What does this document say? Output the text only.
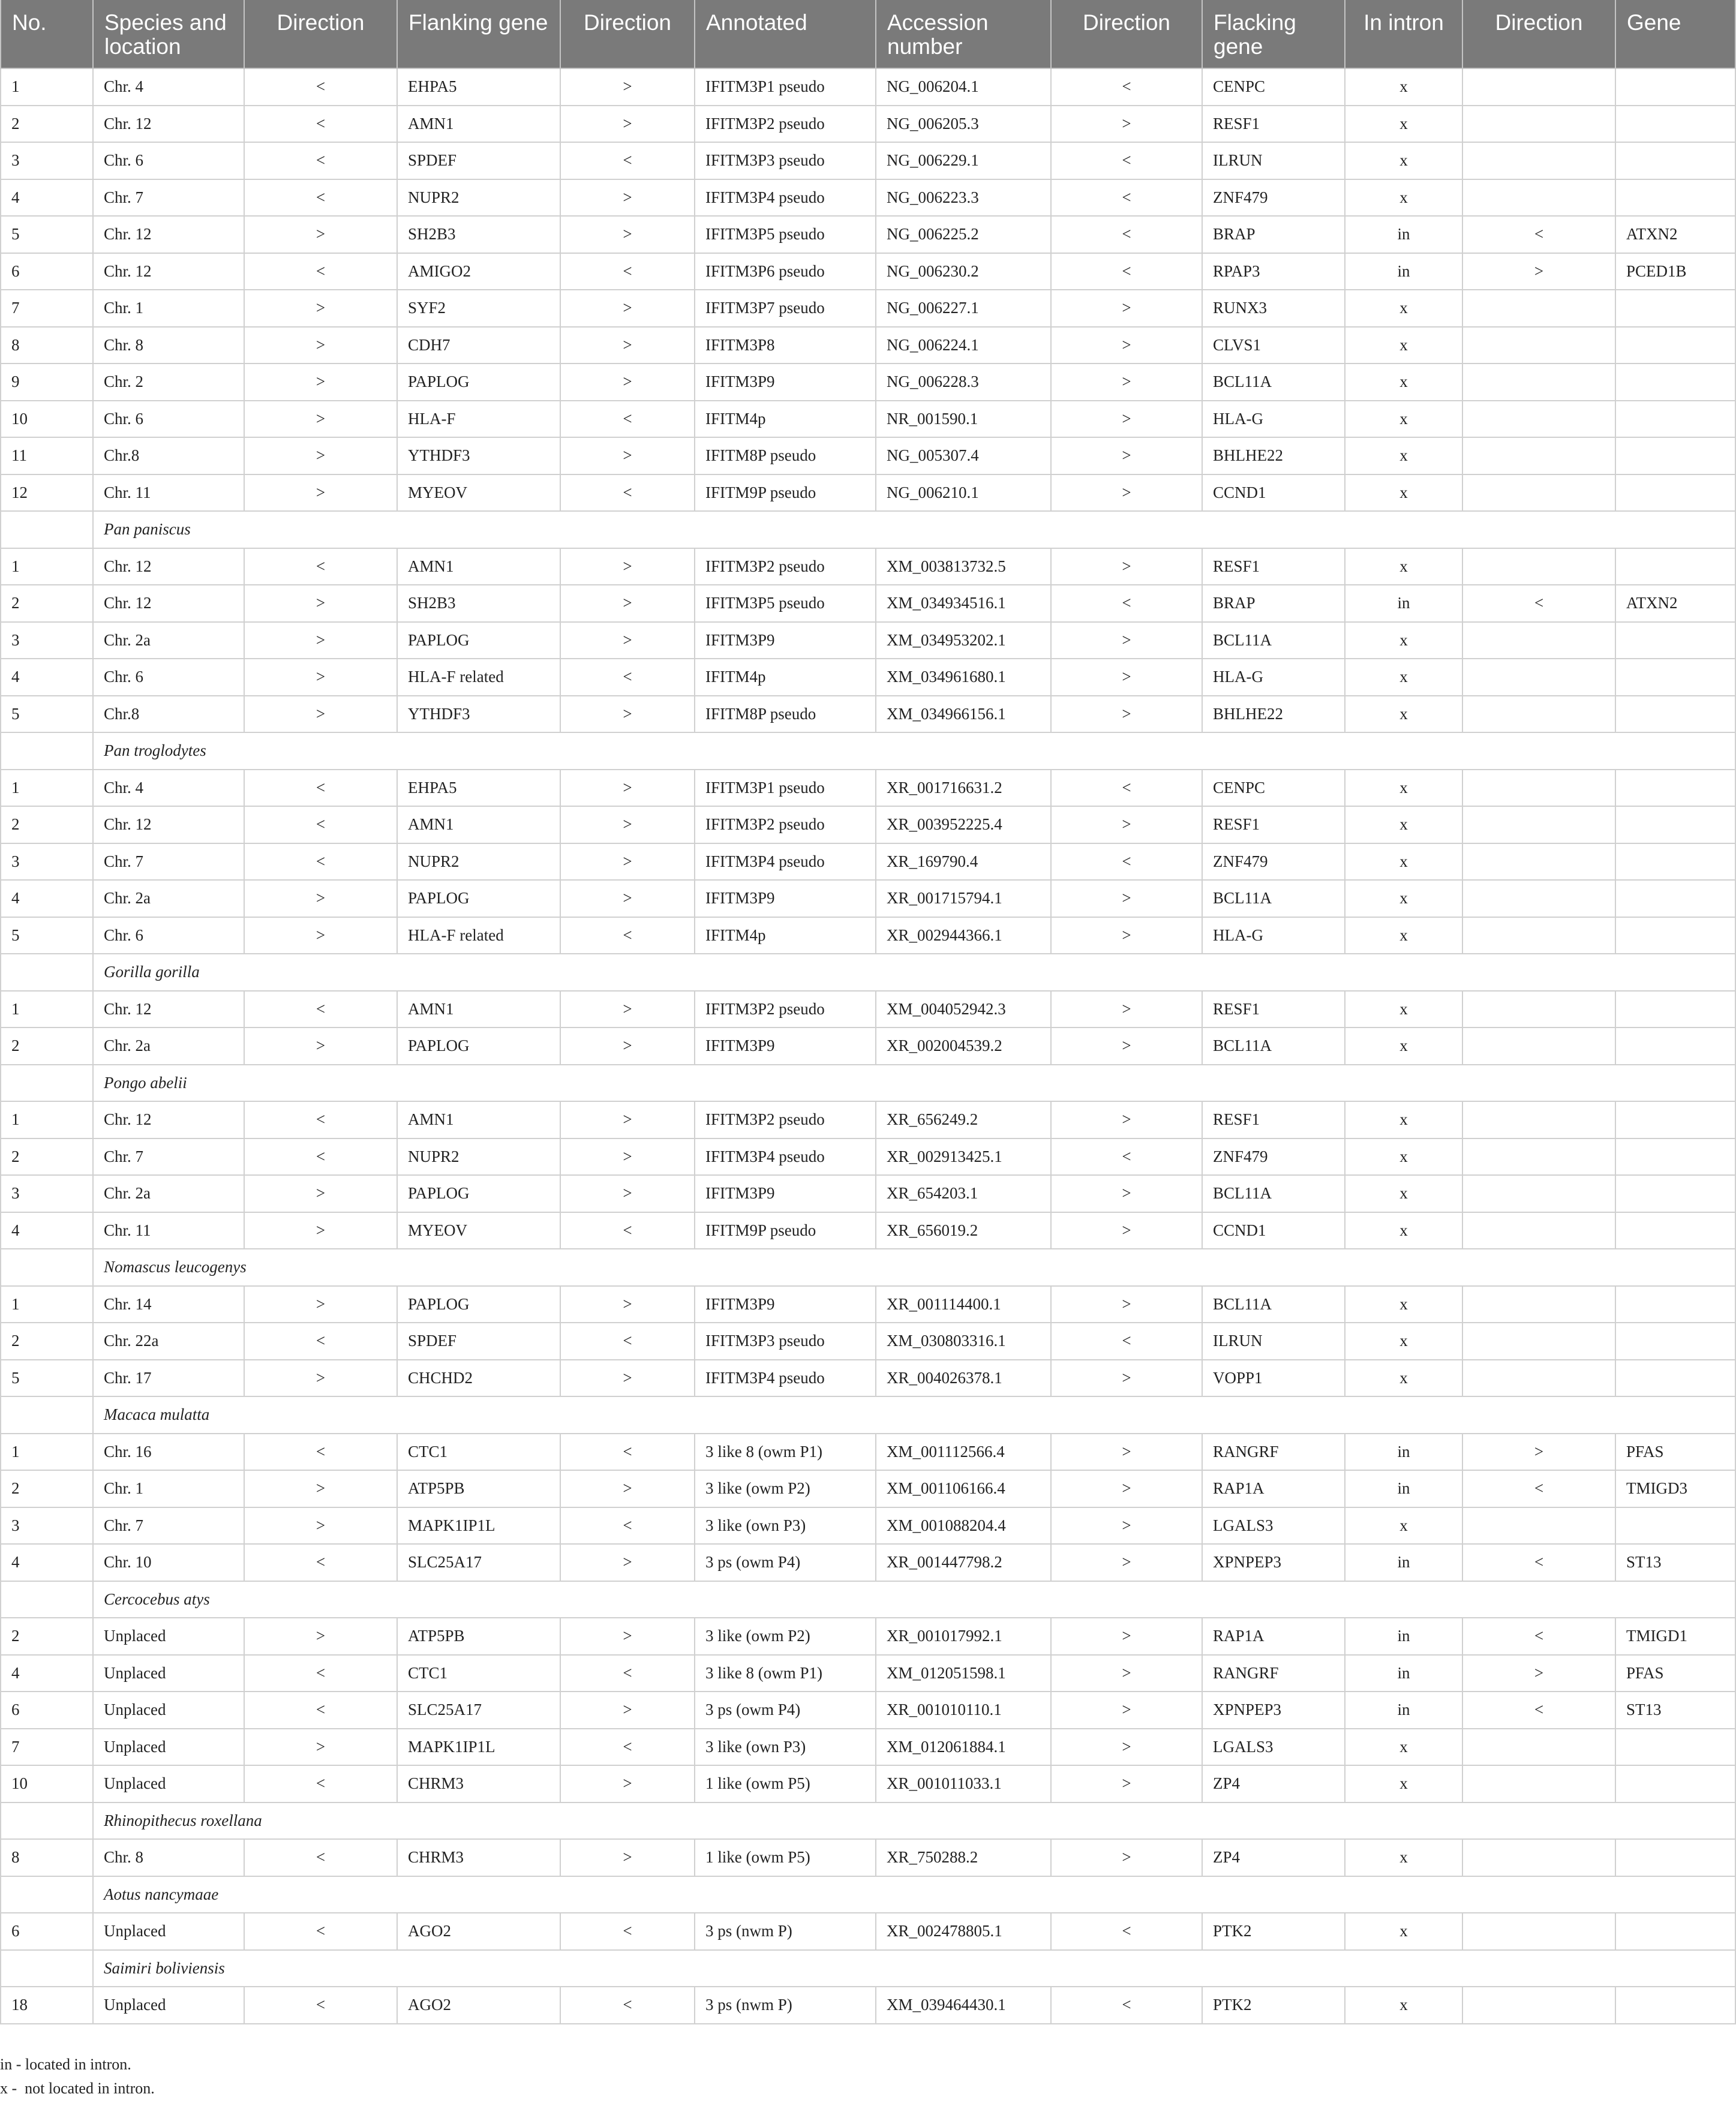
No.	Species and location	Direction	Flanking gene	Direction	Annotated	Accession number	Direction	Flacking gene	In intron	Direction	Gene
1	Chr. 4	<	EHPA5	>	IFITM3P1 pseudo	NG_006204.1	<	CENPC	x		
2	Chr. 12	<	AMN1	>	IFITM3P2 pseudo	NG_006205.3	>	RESF1	x		
3	Chr. 6	<	SPDEF	<	IFITM3P3 pseudo	NG_006229.1	<	ILRUN	x		
4	Chr. 7	<	NUPR2	>	IFITM3P4 pseudo	NG_006223.3	<	ZNF479	x		
5	Chr. 12	>	SH2B3	>	IFITM3P5 pseudo	NG_006225.2	<	BRAP	in	<	ATXN2
6	Chr. 12	<	AMIGO2	<	IFITM3P6 pseudo	NG_006230.2	<	RPAP3	in	>	PCED1B
7	Chr. 1	>	SYF2	>	IFITM3P7 pseudo	NG_006227.1	>	RUNX3	x		
8	Chr. 8	>	CDH7	>	IFITM3P8	NG_006224.1	>	CLVS1	x		
9	Chr. 2	>	PAPLOG	>	IFITM3P9	NG_006228.3	>	BCL11A	x		
10	Chr. 6	>	HLA-F	<	IFITM4p	NR_001590.1	>	HLA-G	x		
11	Chr.8	>	YTHDF3	>	IFITM8P pseudo	NG_005307.4	>	BHLHE22	x		
12	Chr. 11	>	MYEOV	<	IFITM9P pseudo	NG_006210.1	>	CCND1	x		
	Pan paniscus										
1	Chr. 12	<	AMN1	>	IFITM3P2 pseudo	XM_003813732.5	>	RESF1	x		
2	Chr. 12	>	SH2B3	>	IFITM3P5 pseudo	XM_034934516.1	<	BRAP	in	<	ATXN2
3	Chr. 2a	>	PAPLOG	>	IFITM3P9	XM_034953202.1	>	BCL11A	x		
4	Chr. 6	>	HLA-F related	<	IFITM4p	XM_034961680.1	>	HLA-G	x		
5	Chr.8	>	YTHDF3	>	IFITM8P pseudo	XM_034966156.1	>	BHLHE22	x		
	Pan troglodytes										
1	Chr. 4	<	EHPA5	>	IFITM3P1 pseudo	XR_001716631.2	<	CENPC	x		
2	Chr. 12	<	AMN1	>	IFITM3P2 pseudo	XR_003952225.4	>	RESF1	x		
3	Chr. 7	<	NUPR2	>	IFITM3P4 pseudo	XR_169790.4	<	ZNF479	x		
4	Chr. 2a	>	PAPLOG	>	IFITM3P9	XR_001715794.1	>	BCL11A	x		
5	Chr. 6	>	HLA-F related	<	IFITM4p	XR_002944366.1	>	HLA-G	x		
	Gorilla gorilla										
1	Chr. 12	<	AMN1	>	IFITM3P2 pseudo	XM_004052942.3	>	RESF1	x		
2	Chr. 2a	>	PAPLOG	>	IFITM3P9	XR_002004539.2	>	BCL11A	x		
	Pongo abelii										
1	Chr. 12	<	AMN1	>	IFITM3P2 pseudo	XR_656249.2	>	RESF1	x		
2	Chr. 7	<	NUPR2	>	IFITM3P4 pseudo	XR_002913425.1	<	ZNF479	x		
3	Chr. 2a	>	PAPLOG	>	IFITM3P9	XR_654203.1	>	BCL11A	x		
4	Chr. 11	>	MYEOV	<	IFITM9P pseudo	XR_656019.2	>	CCND1	x		
	Nomascus leucogenys										
1	Chr. 14	>	PAPLOG	>	IFITM3P9	XR_001114400.1	>	BCL11A	x		
2	Chr. 22a	<	SPDEF	<	IFITM3P3 pseudo	XM_030803316.1	<	ILRUN	x		
5	Chr. 17	>	CHCHD2	>	IFITM3P4 pseudo	XR_004026378.1	>	VOPP1	x		
	Macaca mulatta										
1	Chr. 16	<	CTC1	<	3 like 8 (owm P1)	XM_001112566.4	>	RANGRF	in	>	PFAS
2	Chr. 1	>	ATP5PB	>	3 like (owm P2)	XM_001106166.4	>	RAP1A	in	<	TMIGD3
3	Chr. 7	>	MAPK1IP1L	<	3 like (own P3)	XM_001088204.4	>	LGALS3	x		
4	Chr. 10	<	SLC25A17	>	3 ps (owm P4)	XR_001447798.2	>	XPNPEP3	in	<	ST13
	Cercocebus atys										
2	Unplaced	>	ATP5PB	>	3 like (owm P2)	XR_001017992.1	>	RAP1A	in	<	TMIGD1
4	Unplaced	<	CTC1	<	3 like 8 (owm P1)	XM_012051598.1	>	RANGRF	in	>	PFAS
6	Unplaced	<	SLC25A17	>	3 ps (owm P4)	XR_001010110.1	>	XPNPEP3	in	<	ST13
7	Unplaced	>	MAPK1IP1L	<	3 like (own P3)	XM_012061884.1	>	LGALS3	x		
10	Unplaced	<	CHRM3	>	1 like (owm P5)	XR_001011033.1	>	ZP4	x		
	Rhinopithecus roxellana										
8	Chr. 8	<	CHRM3	>	1 like (owm P5)	XR_750288.2	>	ZP4	x		
	Aotus nancymaae										
6	Unplaced	<	AGO2	<	3 ps (nwm P)	XR_002478805.1	<	PTK2	x		
	Saimiri boliviensis										
18	Unplaced	<	AGO2	<	3 ps (nwm P)	XM_039464430.1	<	PTK2	x		
in - located in intron.
x -  not located in intron.
